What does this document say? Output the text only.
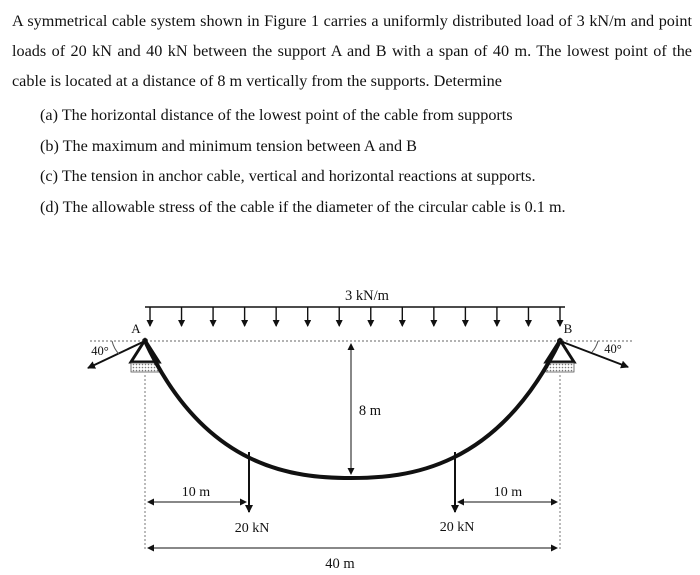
A symmetrical cable system shown in Figure 1 carries a uniformly distributed load of 3 kN/m and point loads of 20 kN and 40 kN between the support A and B with a span of 40 m. The lowest point of the cable is located at a distance of 8 m vertically from the supports. Determine

(a) The horizontal distance of the lowest point of the cable from supports
(b) The maximum and minimum tension between A and B
(c) The tension in anchor cable, vertical and horizontal reactions at supports.
(d) The allowable stress of the cable if the diameter of the circular cable is 0.1 m.
3 kN/m
A	B
40°	40°
8 m
20 kN	20 kN
10 m	10 m
40 m
